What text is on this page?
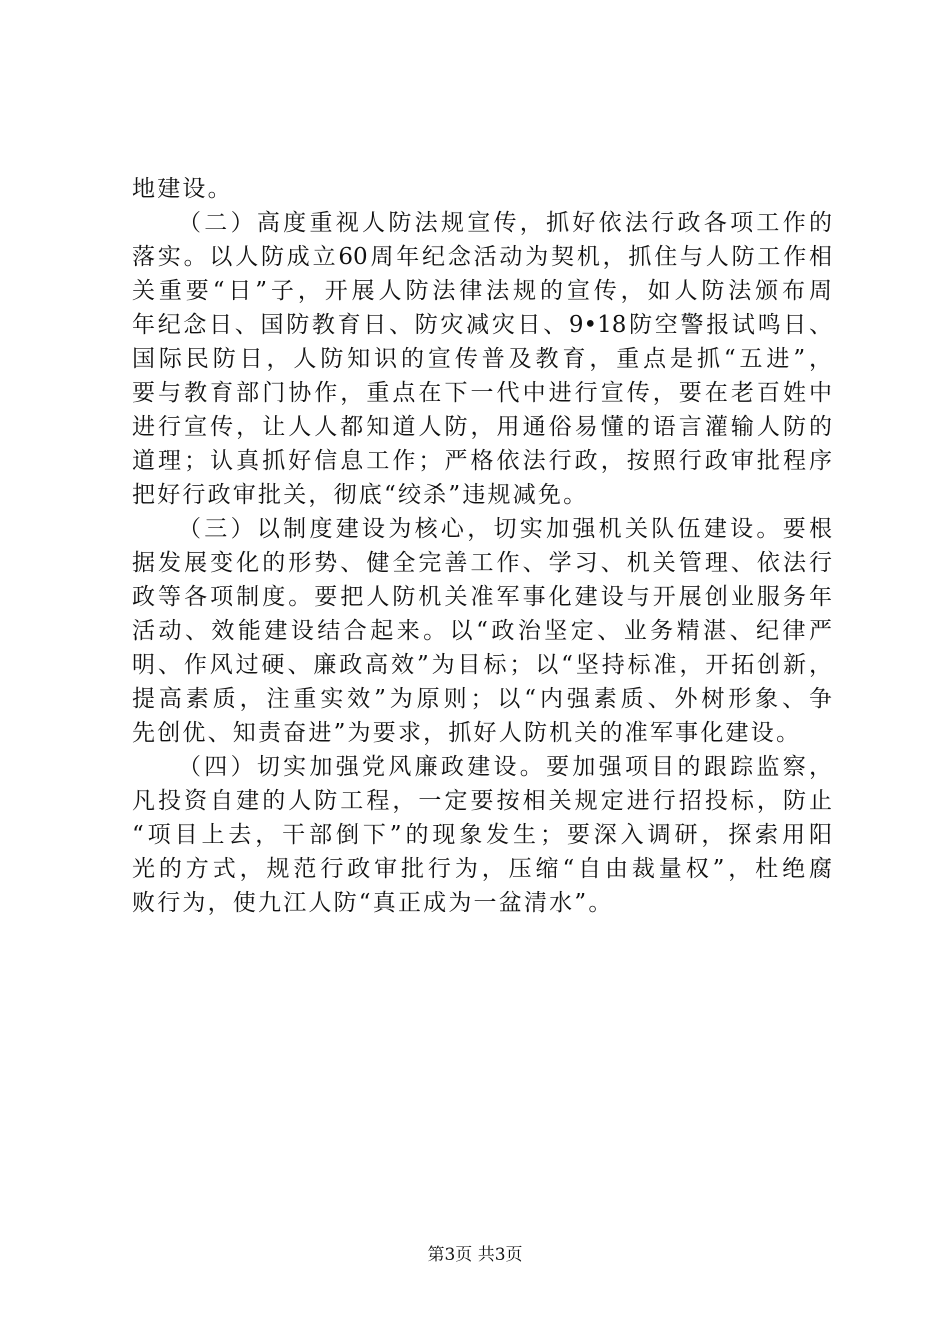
地建设。
（二）高度重视人防法规宣传，抓好依法行政各项工作的
落实。以人防成立60周年纪念活动为契机，抓住与人防工作相
关重要“日”子，开展人防法律法规的宣传，如人防法颁布周
年纪念日、国防教育日、防灾减灾日、9•18防空警报试鸣日、
国际民防日，人防知识的宣传普及教育，重点是抓“五进”，
要与教育部门协作，重点在下一代中进行宣传，要在老百姓中
进行宣传，让人人都知道人防，用通俗易懂的语言灌输人防的
道理；认真抓好信息工作；严格依法行政，按照行政审批程序
把好行政审批关，彻底“绞杀”违规减免。
（三）以制度建设为核心，切实加强机关队伍建设。要根
据发展变化的形势、健全完善工作、学习、机关管理、依法行
政等各项制度。要把人防机关准军事化建设与开展创业服务年
活动、效能建设结合起来。以“政治坚定、业务精湛、纪律严
明、作风过硬、廉政高效”为目标；以“坚持标准，开拓创新，
提高素质，注重实效”为原则；以“内强素质、外树形象、争
先创优、知责奋进”为要求，抓好人防机关的准军事化建设。
（四）切实加强党风廉政建设。要加强项目的跟踪监察，
凡投资自建的人防工程，一定要按相关规定进行招投标，防止
“项目上去，干部倒下”的现象发生；要深入调研，探索用阳
光的方式，规范行政审批行为，压缩“自由裁量权”，杜绝腐
败行为，使九江人防“真正成为一盆清水”。
第3页 共3页
